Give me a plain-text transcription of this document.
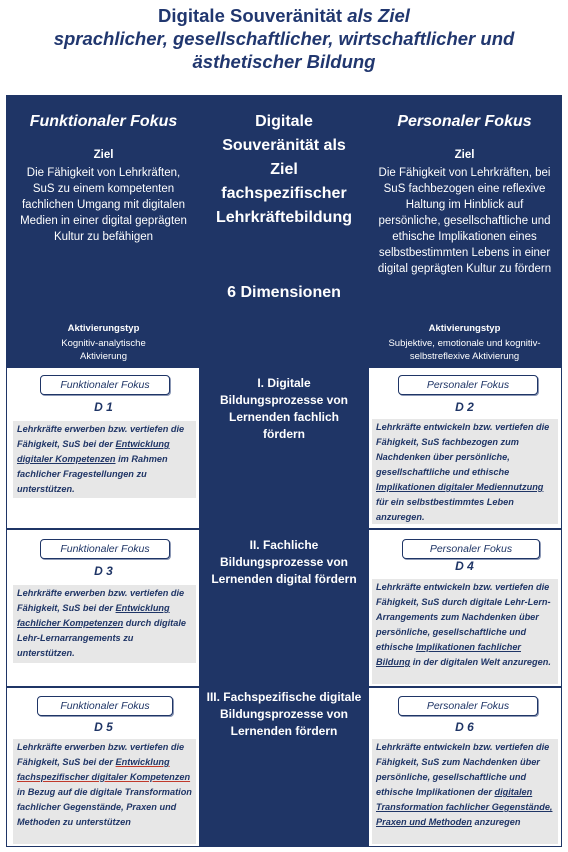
Digitale Souveränität als Ziel
sprachlicher, gesellschaftlicher, wirtschaftlicher und
ästhetischer Bildung
Funktionaler Fokus
Ziel
Die Fähigkeit von Lehrkräften, SuS zu einem kompetenten fachlichen Umgang mit digitalen Medien in einer digital geprägten Kultur zu befähigen
Aktivierungstyp
Kognitiv-analytische Aktivierung
Digitale Souveränität als Ziel fachspezifischer Lehrkräftebildung
6 Dimensionen
Personaler Fokus
Ziel
Die Fähigkeit von Lehrkräften, bei SuS fachbezogen eine reflexive Haltung im Hinblick auf persönliche, gesellschaftliche und ethische Implikationen eines selbstbestimmten Lebens in einer digital geprägten Kultur zu fördern
Aktivierungstyp
Subjektive, emotionale und kognitiv-selbstreflexive Aktivierung
Funktionaler Fokus
D 1
Lehrkräfte erwerben bzw. vertiefen die Fähigkeit, SuS bei der Entwicklung digitaler Kompetenzen im Rahmen fachlicher Fragestellungen zu unterstützen.
I. Digitale Bildungsprozesse von Lernenden fachlich fördern
Personaler Fokus
D 2
Lehrkräfte entwickeln bzw. vertiefen die Fähigkeit, SuS fachbezogen zum Nachdenken über persönliche, gesellschaftliche und ethische Implikationen digitaler Mediennutzung für ein selbstbestimmtes Leben anzuregen.
Funktionaler Fokus
D 3
Lehrkräfte erwerben bzw. vertiefen die Fähigkeit, SuS bei der Entwicklung fachlicher Kompetenzen durch digitale Lehr-Lernarrangements zu unterstützen.
II. Fachliche Bildungsprozesse von Lernenden digital fördern
Personaler Fokus
D 4
Lehrkräfte entwickeln bzw. vertiefen die Fähigkeit, SuS durch digitale Lehr-Lern-Arrangements zum Nachdenken über persönliche, gesellschaftliche und ethische Implikationen fachlicher Bildung in der digitalen Welt anzuregen.
Funktionaler Fokus
D 5
Lehrkräfte erwerben bzw. vertiefen die Fähigkeit, SuS bei der Entwicklung fachspezifischer digitaler Kompetenzen in Bezug auf die digitale Transformation fachlicher Gegenstände, Praxen und Methoden zu unterstützen
III. Fachspezifische digitale Bildungsprozesse von Lernenden fördern
Personaler Fokus
D 6
Lehrkräfte entwickeln bzw. vertiefen die Fähigkeit, SuS zum Nachdenken über persönliche, gesellschaftliche und ethische Implikationen der digitalen Transformation fachlicher Gegenstände, Praxen und Methoden anzuregen
